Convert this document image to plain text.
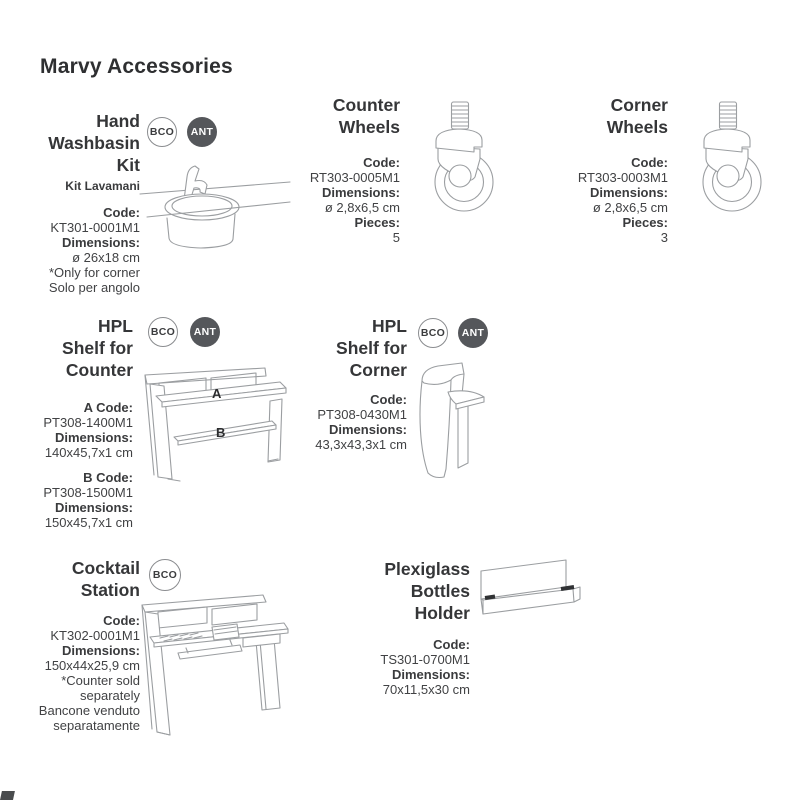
Marvy Accessories
Hand
Washbasin
Kit
Kit Lavamani
Code:
KT301-0001M1
Dimensions:
ø 26x18 cm
*Only for corner
Solo per angolo
BCO	ANT
Counter
Wheels
Code:
RT303-0005M1
Dimensions:
ø 2,8x6,5 cm
Pieces:
5
Corner
Wheels
Code:
RT303-0003M1
Dimensions:
ø 2,8x6,5 cm
Pieces:
3
HPL
Shelf for
Counter
A Code:
PT308-1400M1
Dimensions:
140x45,7x1 cm
B Code:
PT308-1500M1
Dimensions:
150x45,7x1 cm
BCO	ANT
A
B
HPL
Shelf for
Corner
Code:
PT308-0430M1
Dimensions:
43,3x43,3x1 cm
BCO	ANT
Cocktail
Station
Code:
KT302-0001M1
Dimensions:
150x44x25,9 cm
*Counter sold
separately
Bancone venduto
separatamente
BCO	Plexiglass
Bottles
Holder
Code:
TS301-0700M1
Dimensions:
70x11,5x30 cm
